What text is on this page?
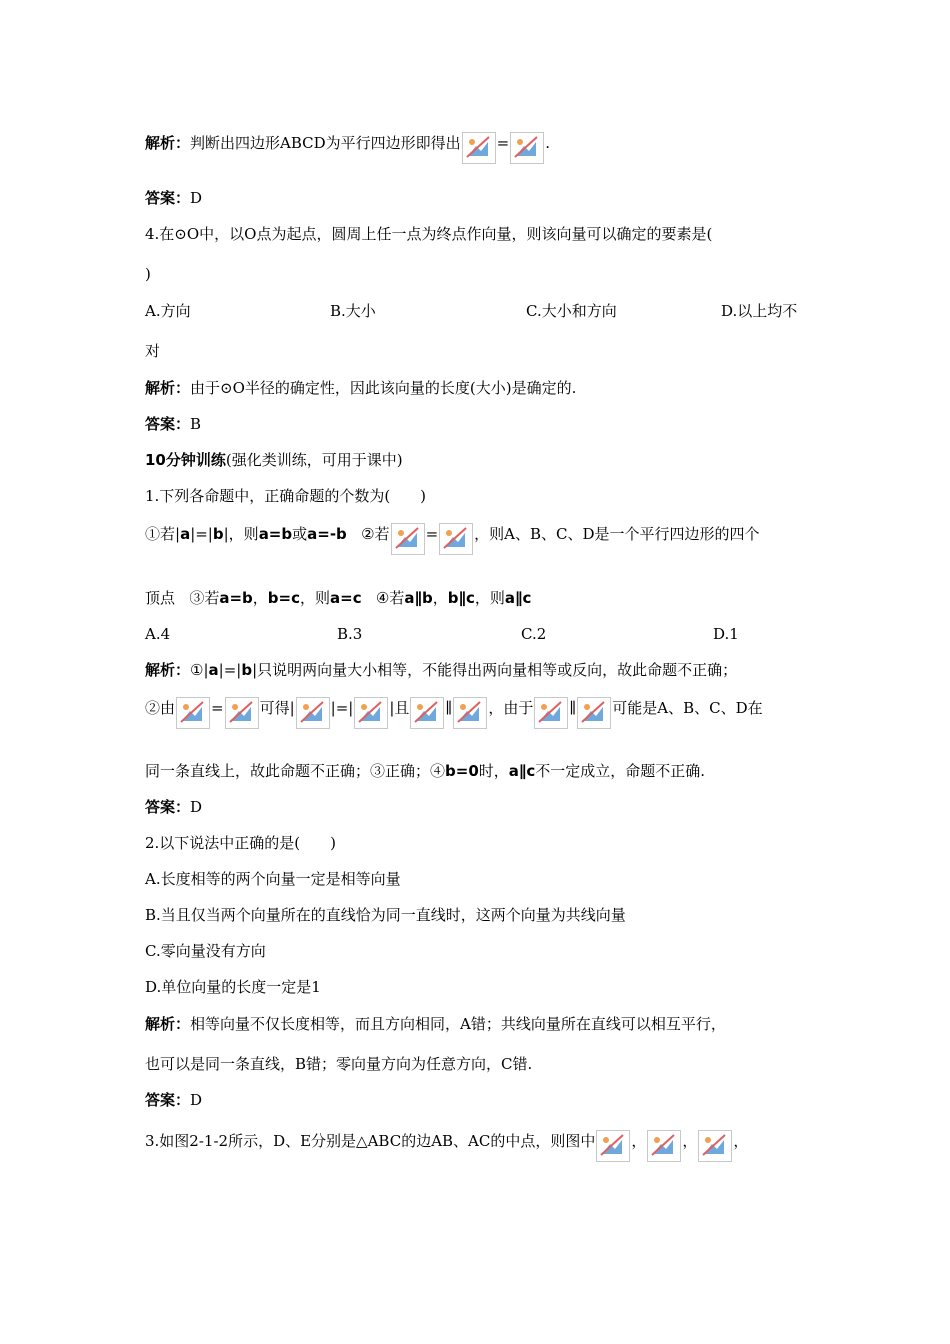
解析：判断出四边形ABCD为平行四边形即得出 = .
答案：D
4.在⊙O中，以O点为起点，圆周上任一点为终点作向量，则该向量可以确定的要素是(
)
A.方向	B.大小	C.大小和方向	D.以上均不
对
解析：由于⊙O半径的确定性，因此该向量的长度(大小)是确定的.
答案：B
10分钟训练(强化类训练，可用于课中)
1.下列各命题中，正确命题的个数为(　　)
①若|a|=|b|，则a=b或a=-b ②若 = ，则A、B、C、D是一个平行四边形的四个
顶点 ③若a=b，b=c，则a=c ④若a∥b，b∥c，则a∥c
A.4	B.3	C.2	D.1
解析：①|a|=|b|只说明两向量大小相等，不能得出两向量相等或反向，故此命题不正确；
②由 = 可得| |=| |且 ∥ ，由于 ∥ 可能是A、B、C、D在
同一条直线上，故此命题不正确；③正确；④b=0时，a∥c不一定成立，命题不正确.
答案：D
2.以下说法中正确的是(　　)
A.长度相等的两个向量一定是相等向量
B.当且仅当两个向量所在的直线恰为同一直线时，这两个向量为共线向量
C.零向量没有方向
D.单位向量的长度一定是1
解析：相等向量不仅长度相等，而且方向相同，A错；共线向量所在直线可以相互平行，
也可以是同一条直线，B错；零向量方向为任意方向，C错.
答案：D
3.如图2-1-2所示，D、E分别是△ABC的边AB、AC的中点，则图中 ， ， ，
